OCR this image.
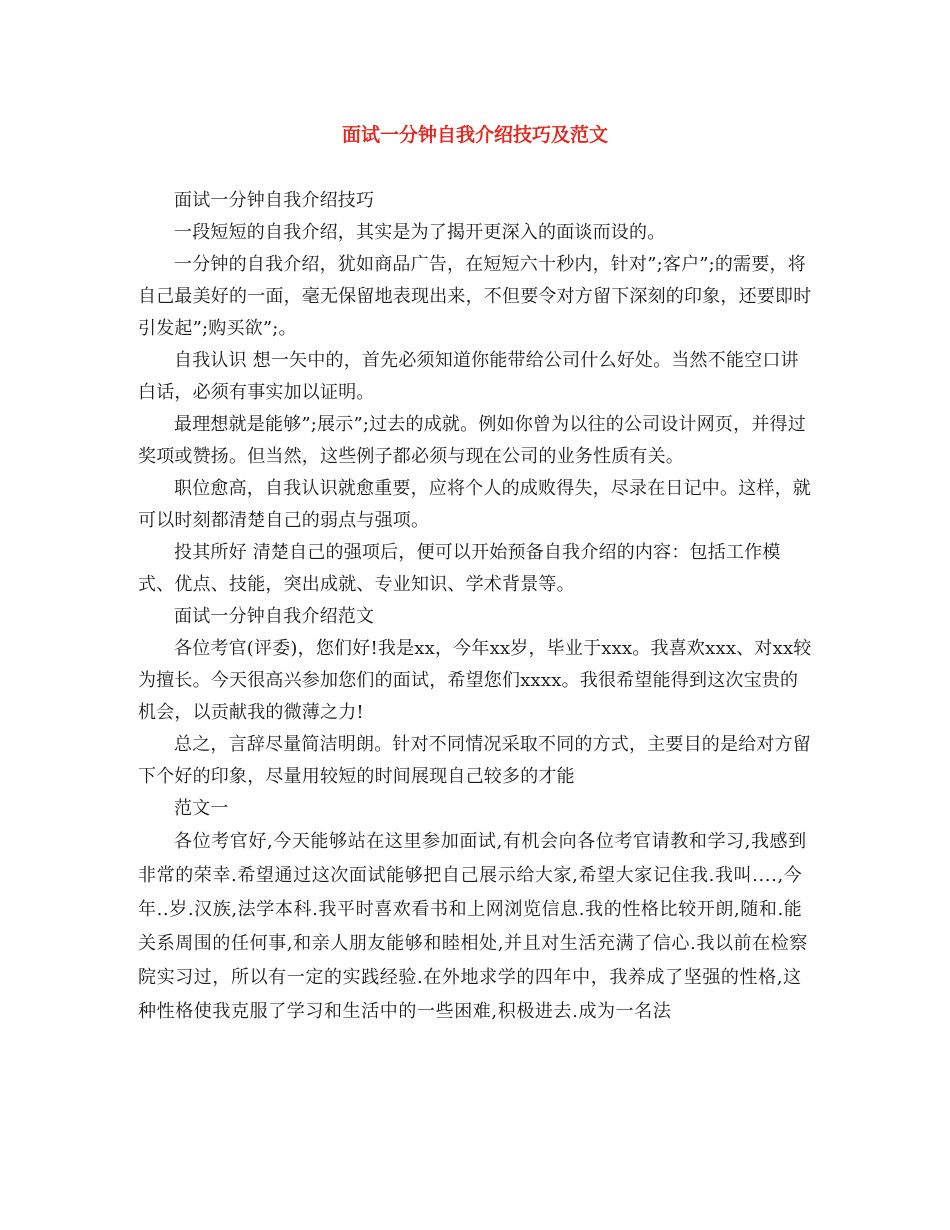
面试一分钟自我介绍技巧及范文

面试一分钟自我介绍技巧

一段短短的自我介绍，其实是为了揭开更深入的面谈而设的。

一分钟的自我介绍，犹如商品广告，在短短六十秒内，针对”;客户”;的需要，将自己最美好的一面，毫无保留地表现出来，不但要令对方留下深刻的印象，还要即时引发起”;购买欲”;。

自我认识 想一矢中的，首先必须知道你能带给公司什么好处。当然不能空口讲白话，必须有事实加以证明。

最理想就是能够”;展示”;过去的成就。例如你曾为以往的公司设计网页，并得过奖项或赞扬。但当然，这些例子都必须与现在公司的业务性质有关。

职位愈高，自我认识就愈重要，应将个人的成败得失，尽录在日记中。这样，就可以时刻都清楚自己的弱点与强项。

投其所好 清楚自己的强项后，便可以开始预备自我介绍的内容：包括工作模式、优点、技能，突出成就、专业知识、学术背景等。

面试一分钟自我介绍范文

各位考官(评委)，您们好!我是xx，今年xx岁，毕业于xxx。我喜欢xxx、对xx较为擅长。今天很高兴参加您们的面试，希望您们xxxx。我很希望能得到这次宝贵的机会，以贡献我的微薄之力!

总之，言辞尽量简洁明朗。针对不同情况采取不同的方式，主要目的是给对方留下个好的印象，尽量用较短的时间展现自己较多的才能

范文一

各位考官好,今天能够站在这里参加面试,有机会向各位考官请教和学习,我感到非常的荣幸.希望通过这次面试能够把自己展示给大家,希望大家记住我.我叫....,今年..岁.汉族,法学本科.我平时喜欢看书和上网浏览信息.我的性格比较开朗,随和.能关系周围的任何事,和亲人朋友能够和睦相处,并且对生活充满了信心.我以前在检察院实习过，所以有一定的实践经验.在外地求学的四年中，我养成了坚强的性格,这种性格使我克服了学习和生活中的一些困难,积极进去.成为一名法
